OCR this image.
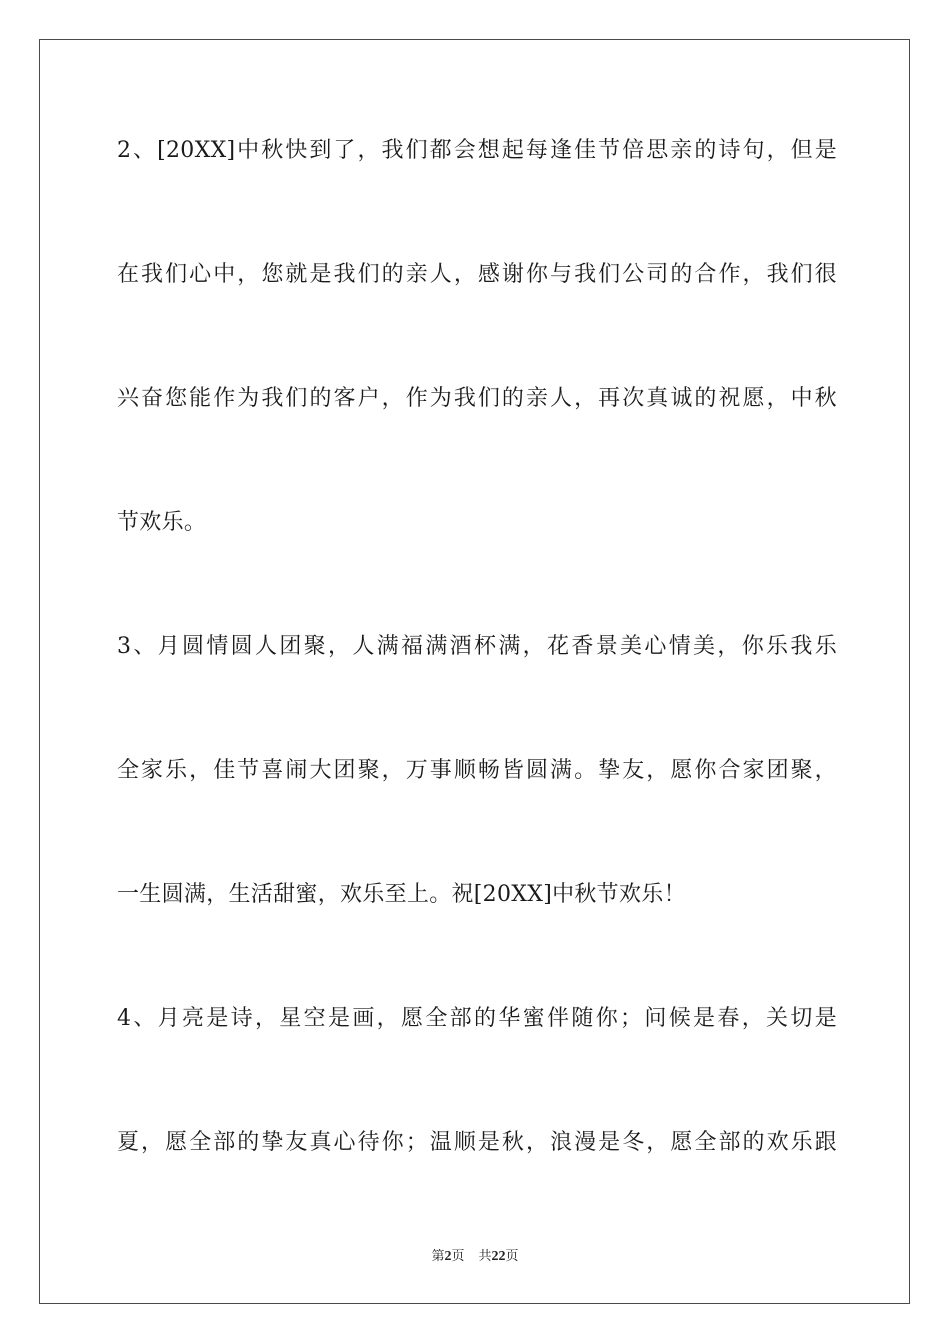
2、[20XX]中秋快到了，我们都会想起每逢佳节倍思亲的诗句，但是
在我们心中，您就是我们的亲人，感谢你与我们公司的合作，我们很
兴奋您能作为我们的客户，作为我们的亲人，再次真诚的祝愿，中秋
节欢乐。
3、月圆情圆人团聚，人满福满酒杯满，花香景美心情美，你乐我乐
全家乐，佳节喜闹大团聚，万事顺畅皆圆满。挚友，愿你合家团聚，
一生圆满，生活甜蜜，欢乐至上。祝[20XX]中秋节欢乐！
4、月亮是诗，星空是画，愿全部的华蜜伴随你；问候是春，关切是
夏，愿全部的挚友真心待你；温顺是秋，浪漫是冬，愿全部的欢乐跟
第2页 共22页
